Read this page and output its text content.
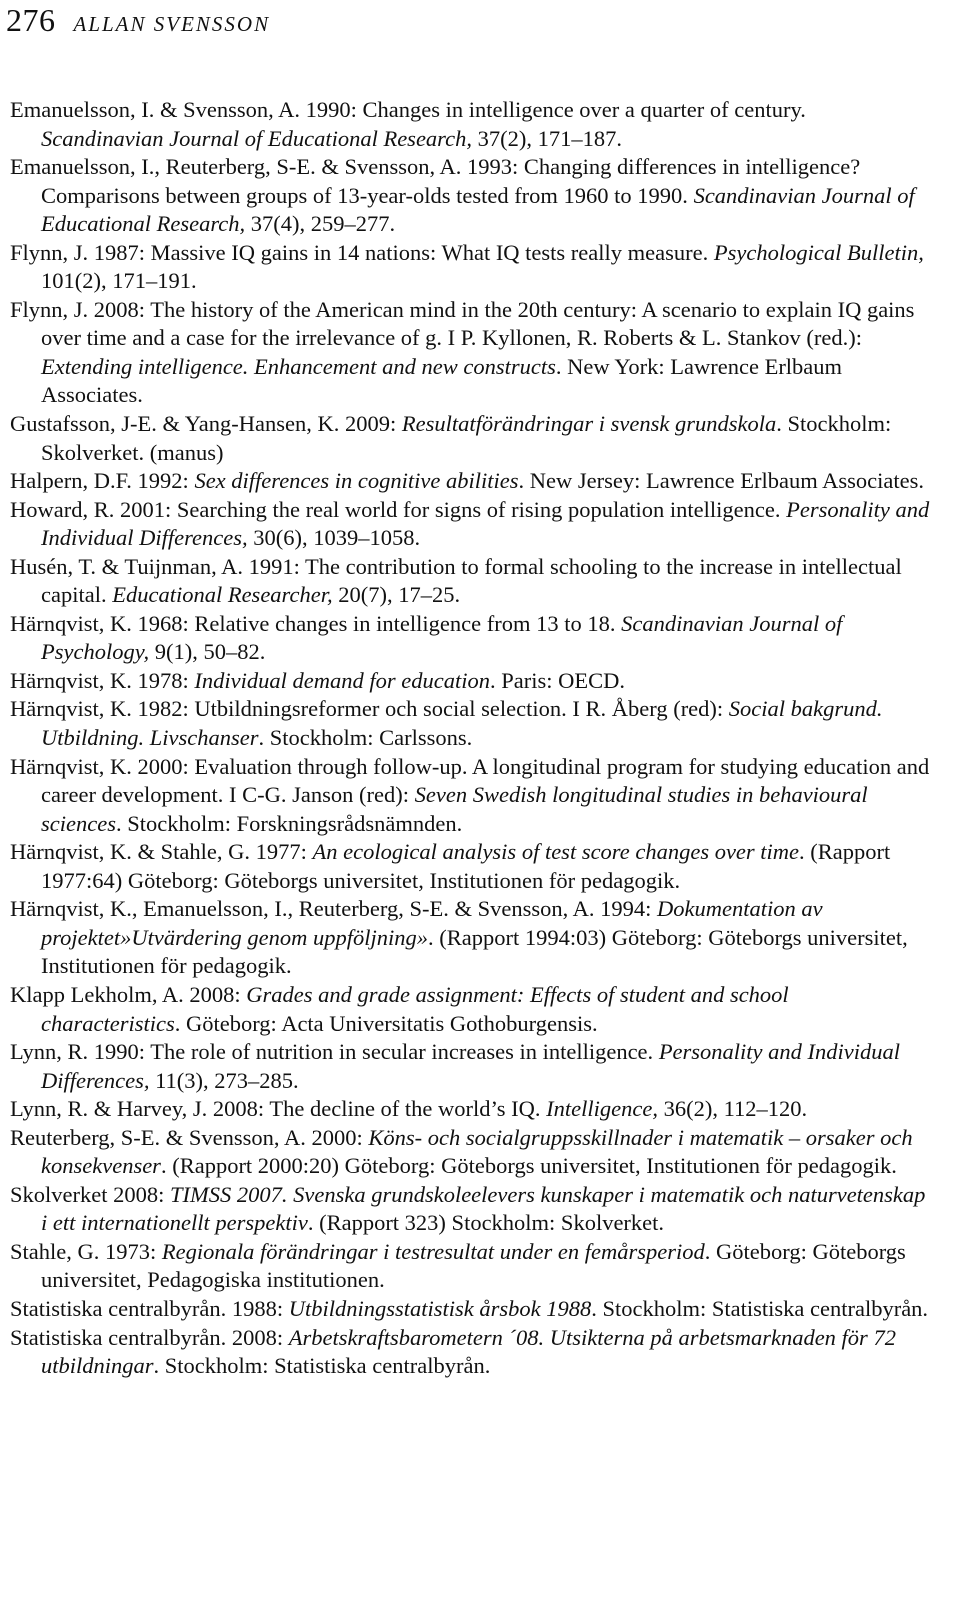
276 ALLAN SVENSSON

Emanuelsson, I. & Svensson, A. 1990: Changes in intelligence over a quarter of century. Scandinavian Journal of Educational Research, 37(2), 171–187.

Emanuelsson, I., Reuterberg, S-E. & Svensson, A. 1993: Changing differences in intelligence? Comparisons between groups of 13-year-olds tested from 1960 to 1990. Scandinavian Journal of Educational Research, 37(4), 259–277.

Flynn, J. 1987: Massive IQ gains in 14 nations: What IQ tests really measure. Psychological Bulletin, 101(2), 171–191.

Flynn, J. 2008: The history of the American mind in the 20th century: A scenario to explain IQ gains over time and a case for the irrelevance of g. I P. Kyllonen, R. Roberts & L. Stankov (red.): Extending intelligence. Enhancement and new constructs. New York: Lawrence Erlbaum Associates.

Gustafsson, J-E. & Yang-Hansen, K. 2009: Resultatförändringar i svensk grundskola. Stockholm: Skolverket. (manus)

Halpern, D.F. 1992: Sex differences in cognitive abilities. New Jersey: Lawrence Erlbaum Associates.

Howard, R. 2001: Searching the real world for signs of rising population intelligence. Personality and Individual Differences, 30(6), 1039–1058.

Husén, T. & Tuijnman, A. 1991: The contribution to formal schooling to the increase in intellectual capital. Educational Researcher, 20(7), 17–25.

Härnqvist, K. 1968: Relative changes in intelligence from 13 to 18. Scandinavian Journal of Psychology, 9(1), 50–82.

Härnqvist, K. 1978: Individual demand for education. Paris: OECD.

Härnqvist, K. 1982: Utbildningsreformer och social selection. I R. Åberg (red): Social bakgrund. Utbildning. Livschanser. Stockholm: Carlssons.

Härnqvist, K. 2000: Evaluation through follow-up. A longitudinal program for studying education and career development. I C-G. Janson (red): Seven Swedish longitudinal studies in behavioural sciences. Stockholm: Forskningsrådsnämnden.

Härnqvist, K. & Stahle, G. 1977: An ecological analysis of test score changes over time. (Rapport 1977:64) Göteborg: Göteborgs universitet, Institutionen för pedagogik.

Härnqvist, K., Emanuelsson, I., Reuterberg, S-E. & Svensson, A. 1994: Dokumentation av projektet»Utvärdering genom uppföljning». (Rapport 1994:03) Göteborg: Göteborgs universitet, Institutionen för pedagogik.

Klapp Lekholm, A. 2008: Grades and grade assignment: Effects of student and school characteristics. Göteborg: Acta Universitatis Gothoburgensis.

Lynn, R. 1990: The role of nutrition in secular increases in intelligence. Personality and Individual Differences, 11(3), 273–285.

Lynn, R. & Harvey, J. 2008: The decline of the world’s IQ. Intelligence, 36(2), 112–120.

Reuterberg, S-E. & Svensson, A. 2000: Köns- och socialgruppsskillnader i matematik – orsaker och konsekvenser. (Rapport 2000:20) Göteborg: Göteborgs universitet, Institutionen för pedagogik.

Skolverket 2008: TIMSS 2007. Svenska grundskoleelevers kunskaper i matematik och naturvetenskap i ett internationellt perspektiv. (Rapport 323) Stockholm: Skolverket.

Stahle, G. 1973: Regionala förändringar i testresultat under en femårsperiod. Göteborg: Göteborgs universitet, Pedagogiska institutionen.

Statistiska centralbyrån. 1988: Utbildningsstatistisk årsbok 1988. Stockholm: Statistiska centralbyrån.

Statistiska centralbyrån. 2008: Arbetskraftsbarometern ´08. Utsikterna på arbetsmarknaden för 72 utbildningar. Stockholm: Statistiska centralbyrån.
